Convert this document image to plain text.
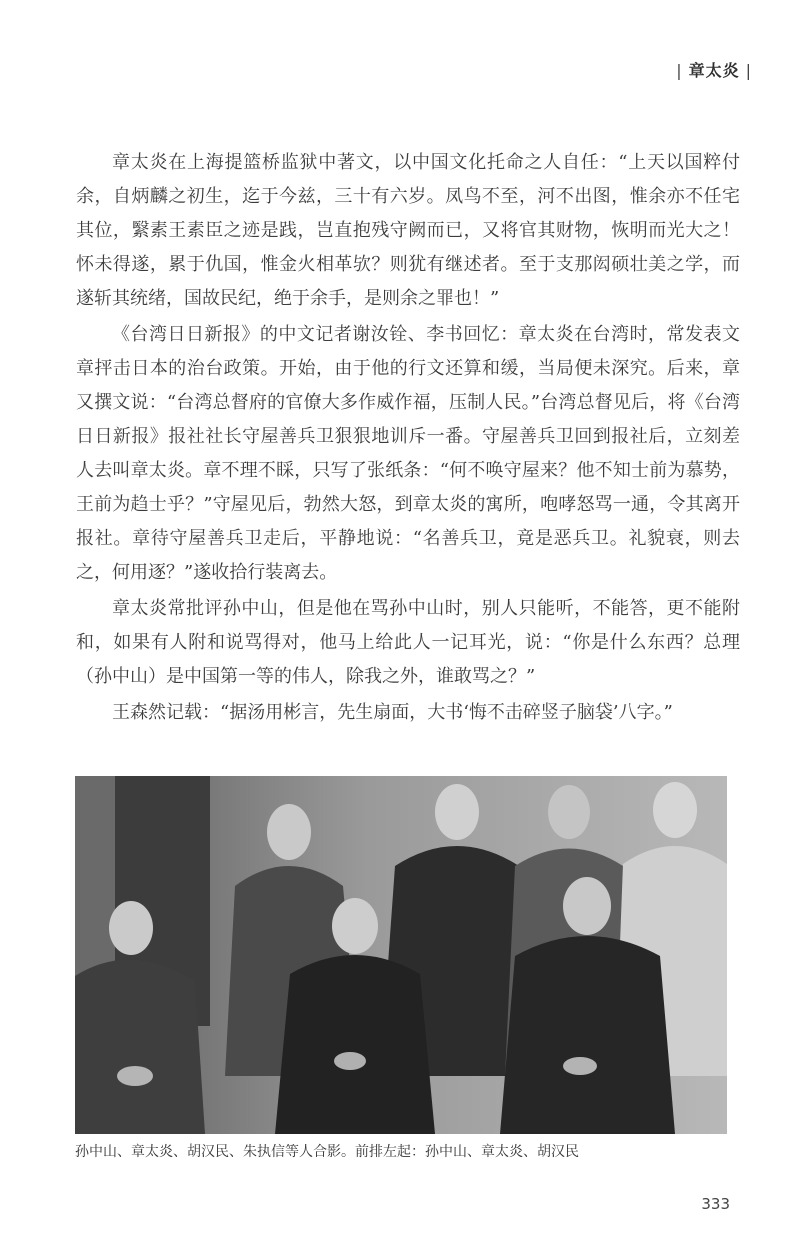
| 章太炎 |

章太炎在上海提篮桥监狱中著文，以中国文化托命之人自任：“上天以国粹付余，自炳麟之初生，迄于今兹，三十有六岁。凤鸟不至，河不出图，惟余亦不任宅其位，繄素王素臣之迹是践，岂直抱残守阙而已，又将官其财物，恢明而光大之！怀未得遂，累于仇国，惟金火相革欤？则犹有继述者。至于支那闳硕壮美之学，而遂斩其统绪，国故民纪，绝于余手，是则余之罪也！”

《台湾日日新报》的中文记者谢汝铨、李书回忆：章太炎在台湾时，常发表文章抨击日本的治台政策。开始，由于他的行文还算和缓，当局便未深究。后来，章又撰文说：“台湾总督府的官僚大多作威作福，压制人民。”台湾总督见后，将《台湾日日新报》报社社长守屋善兵卫狠狠地训斥一番。守屋善兵卫回到报社后，立刻差人去叫章太炎。章不理不睬，只写了张纸条：“何不唤守屋来？他不知士前为慕势，王前为趋士乎？”守屋见后，勃然大怒，到章太炎的寓所，咆哮怒骂一通，令其离开报社。章待守屋善兵卫走后，平静地说：“名善兵卫，竟是恶兵卫。礼貌衰，则去之，何用逐？”遂收拾行装离去。

章太炎常批评孙中山，但是他在骂孙中山时，别人只能听，不能答，更不能附和，如果有人附和说骂得对，他马上给此人一记耳光，说：“你是什么东西？总理（孙中山）是中国第一等的伟人，除我之外，谁敢骂之？”

王森然记载：“据汤用彬言，先生扇面，大书‘悔不击碎竖子脑袋’八字。”

孙中山、章太炎、胡汉民、朱执信等人合影。前排左起：孙中山、章太炎、胡汉民
333
